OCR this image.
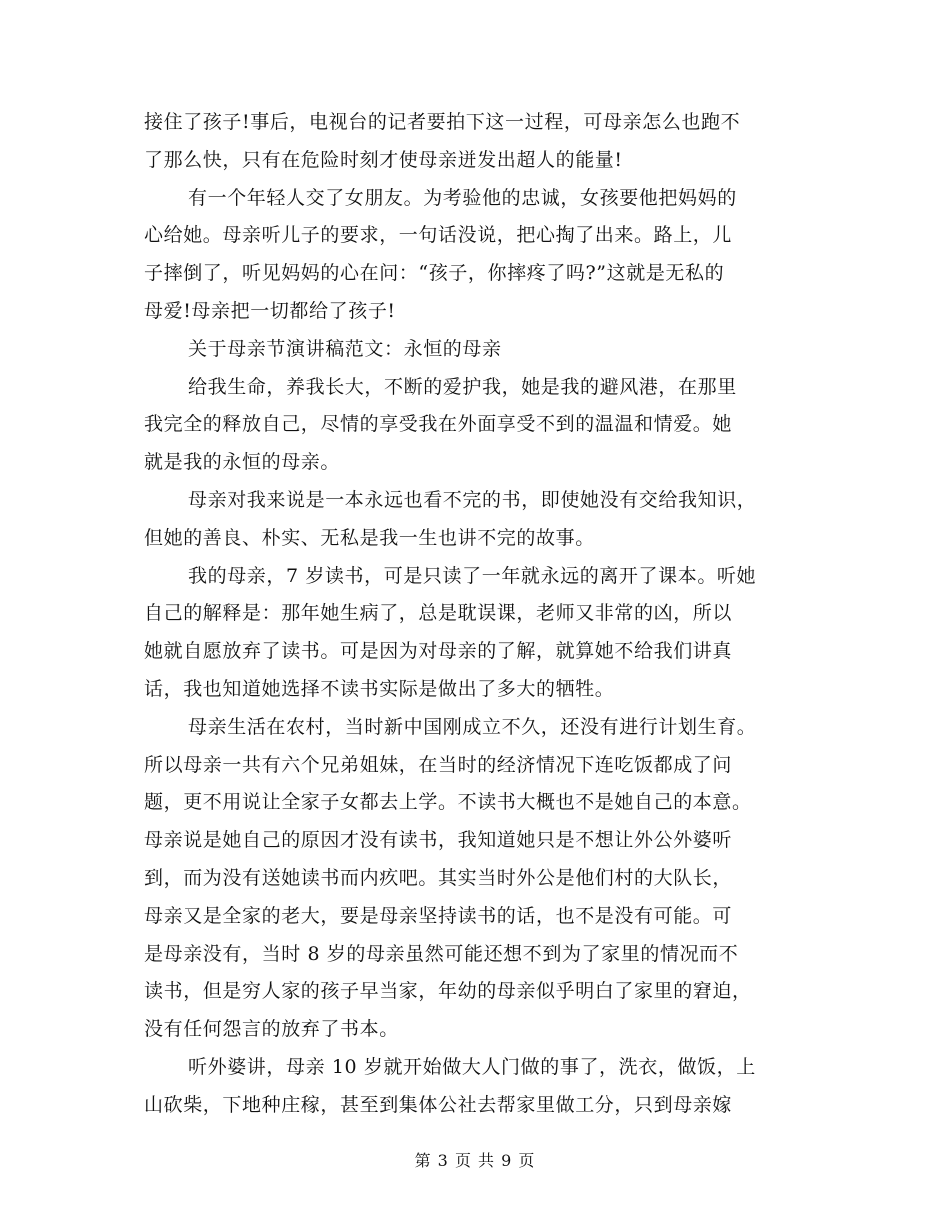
接住了孩子!事后，电视台的记者要拍下这一过程，可母亲怎么也跑不
了那么快，只有在危险时刻才使母亲迸发出超人的能量!
有一个年轻人交了女朋友。为考验他的忠诚，女孩要他把妈妈的
心给她。母亲听儿子的要求，一句话没说，把心掏了出来。路上，儿
子摔倒了，听见妈妈的心在问：“孩子，你摔疼了吗?”这就是无私的
母爱!母亲把一切都给了孩子!
关于母亲节演讲稿范文：永恒的母亲
给我生命，养我长大，不断的爱护我，她是我的避风港，在那里
我完全的释放自己，尽情的享受我在外面享受不到的温温和情爱。她
就是我的永恒的母亲。
母亲对我来说是一本永远也看不完的书，即使她没有交给我知识，
但她的善良、朴实、无私是我一生也讲不完的故事。
我的母亲，7 岁读书，可是只读了一年就永远的离开了课本。听她
自己的解释是：那年她生病了，总是耽误课，老师又非常的凶，所以
她就自愿放弃了读书。可是因为对母亲的了解，就算她不给我们讲真
话，我也知道她选择不读书实际是做出了多大的牺牲。
母亲生活在农村，当时新中国刚成立不久，还没有进行计划生育。
所以母亲一共有六个兄弟姐妹，在当时的经济情况下连吃饭都成了问
题，更不用说让全家子女都去上学。不读书大概也不是她自己的本意。
母亲说是她自己的原因才没有读书，我知道她只是不想让外公外婆听
到，而为没有送她读书而内疚吧。其实当时外公是他们村的大队长，
母亲又是全家的老大，要是母亲坚持读书的话，也不是没有可能。可
是母亲没有，当时 8 岁的母亲虽然可能还想不到为了家里的情况而不
读书，但是穷人家的孩子早当家，年幼的母亲似乎明白了家里的窘迫，
没有任何怨言的放弃了书本。
听外婆讲，母亲 10 岁就开始做大人门做的事了，洗衣，做饭，上
山砍柴，下地种庄稼，甚至到集体公社去帮家里做工分，只到母亲嫁
第 3 页 共 9 页
